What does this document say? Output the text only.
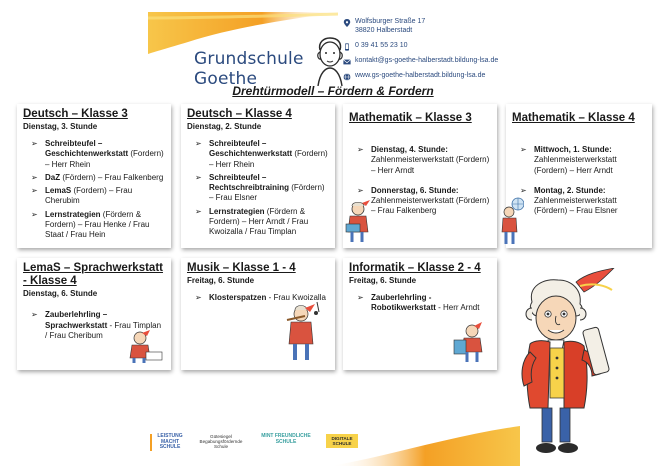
Grundschule Goethe
Wolfsburger Straße 17
38820 Halberstadt
0 39 41 55 23 10
kontakt@gs-goethe-halberstadt.bildung-lsa.de
www.gs-goethe-halberstadt.bildung-lsa.de
Drehtürmodell – Fördern & Fordern
Deutsch – Klasse 3
Dienstag, 3. Stunde
➢ Schreibteufel – Geschichtenwerkstatt (Fordern) – Herr Rhein
➢ DaZ (Fördern) – Frau Falkenberg
➢ LemaS (Fordern) – Frau Cherubim
➢ Lernstrategien (Fördern & Fordern) – Frau Henke / Frau Staat / Frau Hein
Deutsch – Klasse 4
Dienstag, 2. Stunde
➢ Schreibteufel – Geschichtenwerkstatt (Fordern) – Herr Rhein
➢ Schreibteufel – Rechtschreibtraining (Fördern) – Frau Elsner
➢ Lernstrategien (Fördern & Fordern) – Herr Arndt / Frau Kwoizalla / Frau Timplan
Mathematik – Klasse 3
➢ Dienstag, 4. Stunde: Zahlenmeisterwerkstatt (Fordern) – Herr Arndt
➢ Donnerstag, 6. Stunde: Zahlenmeisterwerkstatt (Fördern) – Frau Falkenberg
Mathematik – Klasse 4
➢ Mittwoch, 1. Stunde: Zahlenmeisterwerkstatt (Fordern) – Herr Arndt
➢ Montag, 2. Stunde: Zahlenmeisterwerkstatt (Fördern) – Frau Elsner
LemaS – Sprachwerkstatt - Klasse 4
Dienstag, 6. Stunde
➢ Zauberlehrling – Sprachwerkstatt - Frau Timplan / Frau Cheribum
Musik – Klasse 1 - 4
Freitag, 6. Stunde
➢ Klosterspatzen - Frau Kwoizalla
Informatik – Klasse 2 - 4
Freitag, 6. Stunde
➢ Zauberlehrling - Robotikwerkstatt - Herr Arndt
LEISTUNG MACHT SCHULE
Gütesiegel Begabungsfördernde Schule
MINT FREUNDLICHE SCHULE	DIGITALE SCHULE
